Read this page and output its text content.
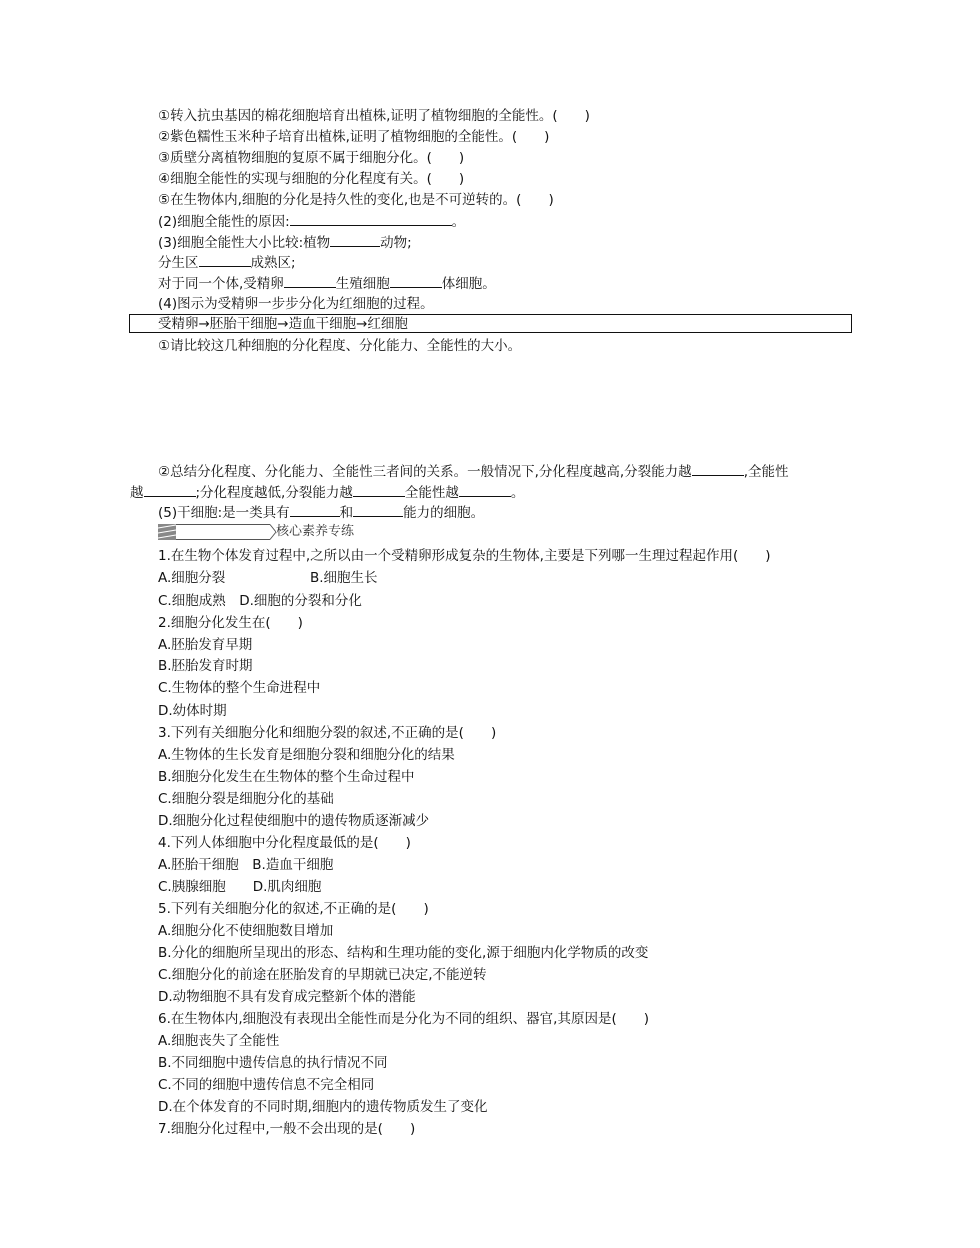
①转入抗虫基因的棉花细胞培育出植株,证明了植物细胞的全能性。(　　)
②紫色糯性玉米种子培育出植株,证明了植物细胞的全能性。(　　)
③质壁分离植物细胞的复原不属于细胞分化。(　　)
④细胞全能性的实现与细胞的分化程度有关。(　　)
⑤在生物体内,细胞的分化是持久性的变化,也是不可逆转的。(　　)
(2)细胞全能性的原因:	。
(3)细胞全能性大小比较:植物	动物;
分生区	成熟区;
对于同一个体,受精卵	生殖细胞	体细胞。
(4)图示为受精卵一步步分化为红细胞的过程。
受精卵→胚胎干细胞→造血干细胞→红细胞
①请比较这几种细胞的分化程度、分化能力、全能性的大小。
②总结分化程度、分化能力、全能性三者间的关系。一般情况下,分化程度越高,分裂能力越	,全能性
越	;分化程度越低,分裂能力越	全能性越	。
(5)干细胞:是一类具有	和	能力的细胞。
核心素养专练
1.在生物个体发育过程中,之所以由一个受精卵形成复杂的生物体,主要是下列哪一生理过程起作用(　　)
A.细胞分裂	B.细胞生长
C.细胞成熟　D.细胞的分裂和分化
2.细胞分化发生在(　　)
A.胚胎发育早期
B.胚胎发育时期
C.生物体的整个生命进程中
D.幼体时期
3.下列有关细胞分化和细胞分裂的叙述,不正确的是(　　)
A.生物体的生长发育是细胞分裂和细胞分化的结果
B.细胞分化发生在生物体的整个生命过程中
C.细胞分裂是细胞分化的基础
D.细胞分化过程使细胞中的遗传物质逐渐减少
4.下列人体细胞中分化程度最低的是(　　)
A.胚胎干细胞　B.造血干细胞
C.胰腺细胞　　D.肌肉细胞
5.下列有关细胞分化的叙述,不正确的是(　　)
A.细胞分化不使细胞数目增加
B.分化的细胞所呈现出的形态、结构和生理功能的变化,源于细胞内化学物质的改变
C.细胞分化的前途在胚胎发育的早期就已决定,不能逆转
D.动物细胞不具有发育成完整新个体的潜能
6.在生物体内,细胞没有表现出全能性而是分化为不同的组织、器官,其原因是(　　)
A.细胞丧失了全能性
B.不同细胞中遗传信息的执行情况不同
C.不同的细胞中遗传信息不完全相同
D.在个体发育的不同时期,细胞内的遗传物质发生了变化
7.细胞分化过程中,一般不会出现的是(　　)
